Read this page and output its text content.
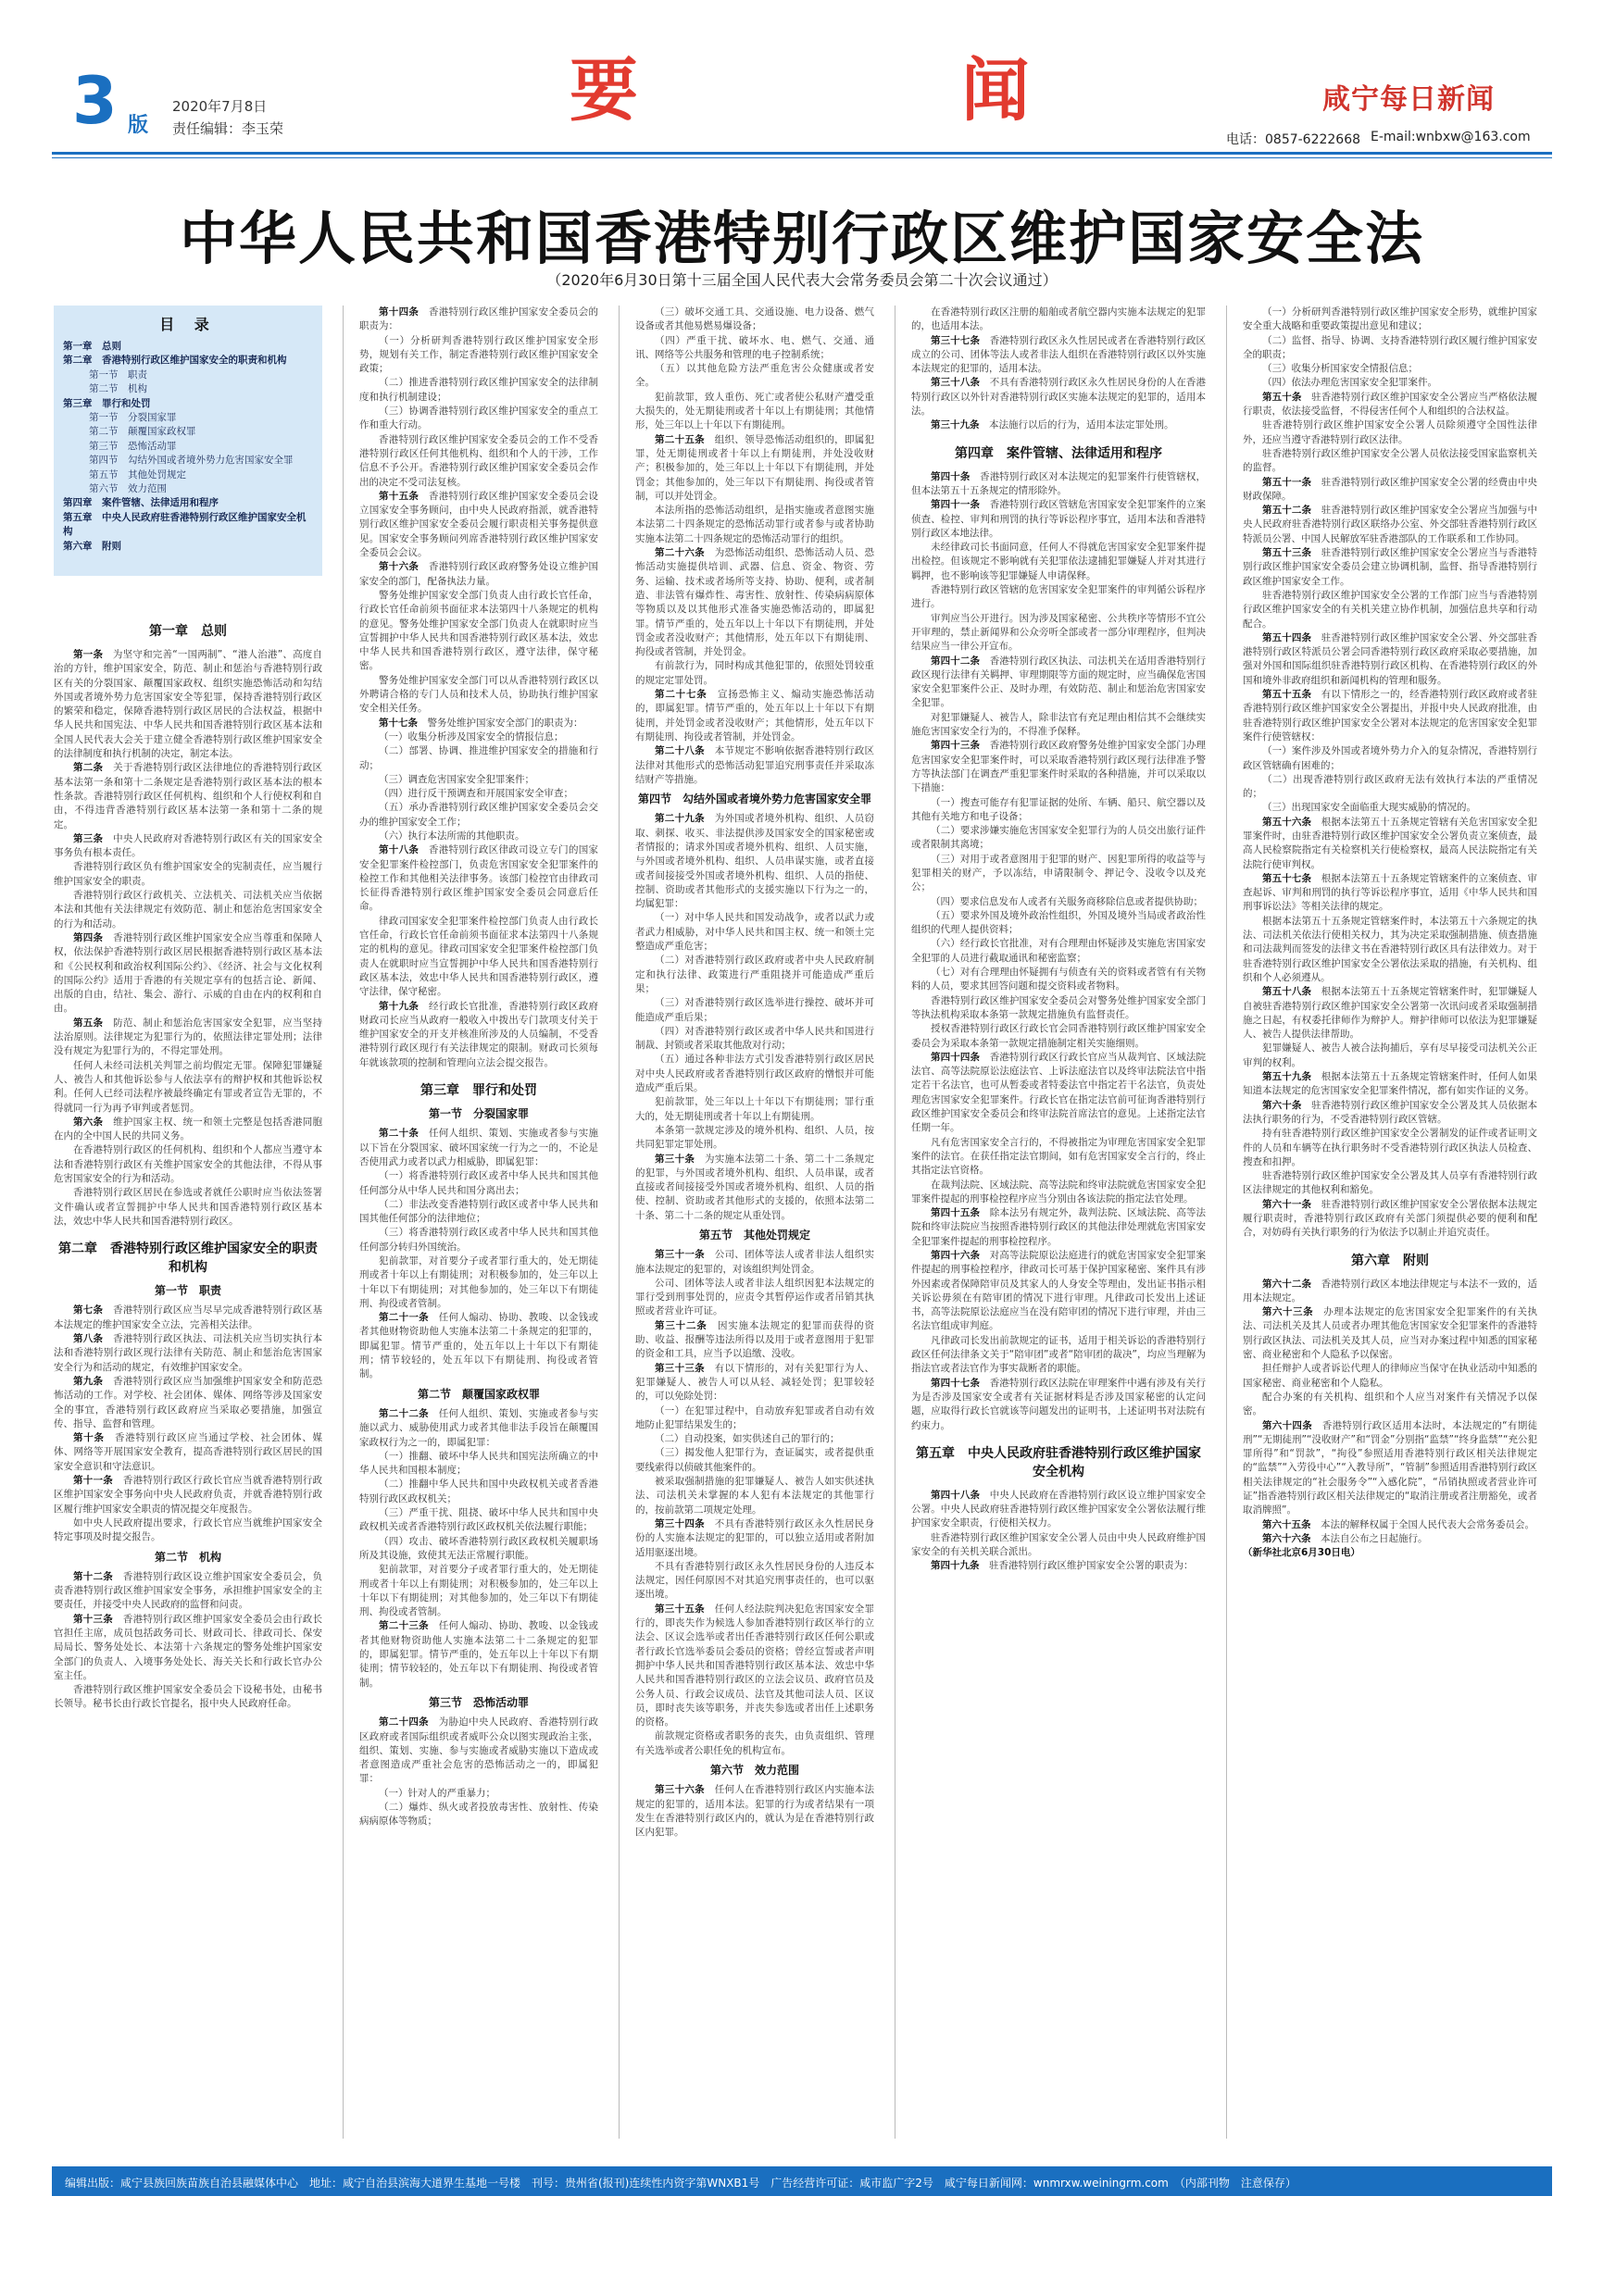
3 版
2020年7月8日
责任编辑：李玉荣	要	闻	咸宁每日新闻
电话：0857-6222668 E-mail:wnbxw@163.com
中华人民共和国香港特别行政区维护国家安全法
（2020年6月30日第十三届全国人民代表大会常务委员会第二十次会议通过）
目 录
第一章　总则
第二章　香港特别行政区维护国家安全的职责和机构
第一节　职责
第二节　机构
第三章　罪行和处罚
第一节　分裂国家罪
第二节　颠覆国家政权罪
第三节　恐怖活动罪
第四节　勾结外国或者境外势力危害国家安全罪
第五节　其他处罚规定
第六节　效力范围
第四章　案件管辖、法律适用和程序
第五章　中央人民政府驻香港特别行政区维护国家安全机构
第六章　附则
第一章　总则

第一条　 为坚守和完善“一国两制”、“港人治港”、高度自治的方针，维护国家安全，防范、制止和惩治与香港特别行政区有关的分裂国家、颠覆国家政权、组织实施恐怖活动和勾结外国或者境外势力危害国家安全等犯罪，保持香港特别行政区的繁荣和稳定，保障香港特别行政区居民的合法权益，根据中华人民共和国宪法、中华人民共和国香港特别行政区基本法和全国人民代表大会关于建立健全香港特别行政区维护国家安全的法律制度和执行机制的决定，制定本法。

第二条　 关于香港特别行政区法律地位的香港特别行政区基本法第一条和第十二条规定是香港特别行政区基本法的根本性条款。香港特别行政区任何机构、组织和个人行使权利和自由，不得违背香港特别行政区基本法第一条和第十二条的规定。

第三条　 中央人民政府对香港特别行政区有关的国家安全事务负有根本责任。

香港特别行政区负有维护国家安全的宪制责任，应当履行维护国家安全的职责。

香港特别行政区行政机关、立法机关、司法机关应当依据本法和其他有关法律规定有效防范、制止和惩治危害国家安全的行为和活动。

第四条　 香港特别行政区维护国家安全应当尊重和保障人权，依法保护香港特别行政区居民根据香港特别行政区基本法和《公民权利和政治权利国际公约》、《经济、社会与文化权利的国际公约》适用于香港的有关规定享有的包括言论、新闻、出版的自由，结社、集会、游行、示威的自由在内的权利和自由。

第五条　 防范、制止和惩治危害国家安全犯罪，应当坚持法治原则。法律规定为犯罪行为的，依照法律定罪处刑；法律没有规定为犯罪行为的，不得定罪处刑。

任何人未经司法机关判罪之前均假定无罪。保障犯罪嫌疑人、被告人和其他诉讼参与人依法享有的辩护权和其他诉讼权利。任何人已经司法程序被最终确定有罪或者宣告无罪的，不得就同一行为再予审判或者惩罚。

第六条　 维护国家主权、统一和领土完整是包括香港同胞在内的全中国人民的共同义务。

在香港特别行政区的任何机构、组织和个人都应当遵守本法和香港特别行政区有关维护国家安全的其他法律，不得从事危害国家安全的行为和活动。

香港特别行政区居民在参选或者就任公职时应当依法签署文件确认或者宣誓拥护中华人民共和国香港特别行政区基本法，效忠中华人民共和国香港特别行政区。

第二章　香港特别行政区维护国家安全的职责和机构
第一节　职责

第七条　 香港特别行政区应当尽早完成香港特别行政区基本法规定的维护国家安全立法，完善相关法律。

第八条　 香港特别行政区执法、司法机关应当切实执行本法和香港特别行政区现行法律有关防范、制止和惩治危害国家安全行为和活动的规定，有效维护国家安全。

第九条　 香港特别行政区应当加强维护国家安全和防范恐怖活动的工作。对学校、社会团体、媒体、网络等涉及国家安全的事宜，香港特别行政区政府应当采取必要措施，加强宣传、指导、监督和管理。

第十条　 香港特别行政区应当通过学校、社会团体、媒体、网络等开展国家安全教育，提高香港特别行政区居民的国家安全意识和守法意识。

第十一条　 香港特别行政区行政长官应当就香港特别行政区维护国家安全事务向中央人民政府负责，并就香港特别行政区履行维护国家安全职责的情况提交年度报告。

如中央人民政府提出要求，行政长官应当就维护国家安全特定事项及时提交报告。

第二节　机构

第十二条　 香港特别行政区设立维护国家安全委员会，负责香港特别行政区维护国家安全事务，承担维护国家安全的主要责任，并接受中央人民政府的监督和问责。

第十三条　 香港特别行政区维护国家安全委员会由行政长官担任主席，成员包括政务司长、财政司长、律政司长、保安局局长、警务处处长、本法第十六条规定的警务处维护国家安全部门的负责人、入境事务处处长、海关关长和行政长官办公室主任。

香港特别行政区维护国家安全委员会下设秘书处，由秘书长领导。秘书长由行政长官提名，报中央人民政府任命。

第十四条　 香港特别行政区维护国家安全委员会的职责为：

（一）分析研判香港特别行政区维护国家安全形势，规划有关工作，制定香港特别行政区维护国家安全政策；

（二）推进香港特别行政区维护国家安全的法律制度和执行机制建设；

（三）协调香港特别行政区维护国家安全的重点工作和重大行动。

香港特别行政区维护国家安全委员会的工作不受香港特别行政区任何其他机构、组织和个人的干涉，工作信息不予公开。香港特别行政区维护国家安全委员会作出的决定不受司法复核。

第十五条　 香港特别行政区维护国家安全委员会设立国家安全事务顾问，由中央人民政府指派，就香港特别行政区维护国家安全委员会履行职责相关事务提供意见。国家安全事务顾问列席香港特别行政区维护国家安全委员会会议。

第十六条　 香港特别行政区政府警务处设立维护国家安全的部门，配备执法力量。

警务处维护国家安全部门负责人由行政长官任命，行政长官任命前须书面征求本法第四十八条规定的机构的意见。警务处维护国家安全部门负责人在就职时应当宣誓拥护中华人民共和国香港特别行政区基本法，效忠中华人民共和国香港特别行政区，遵守法律，保守秘密。

警务处维护国家安全部门可以从香港特别行政区以外聘请合格的专门人员和技术人员，协助执行维护国家安全相关任务。

第十七条　 警务处维护国家安全部门的职责为：

（一）收集分析涉及国家安全的情报信息；

（二）部署、协调、推进维护国家安全的措施和行动；

（三）调查危害国家安全犯罪案件；

（四）进行反干预调查和开展国家安全审查；

（五）承办香港特别行政区维护国家安全委员会交办的维护国家安全工作；

（六）执行本法所需的其他职责。

第十八条　 香港特别行政区律政司设立专门的国家安全犯罪案件检控部门，负责危害国家安全犯罪案件的检控工作和其他相关法律事务。该部门检控官由律政司长征得香港特别行政区维护国家安全委员会同意后任命。

律政司国家安全犯罪案件检控部门负责人由行政长官任命，行政长官任命前须书面征求本法第四十八条规定的机构的意见。律政司国家安全犯罪案件检控部门负责人在就职时应当宣誓拥护中华人民共和国香港特别行政区基本法，效忠中华人民共和国香港特别行政区，遵守法律，保守秘密。

第十九条　 经行政长官批准，香港特别行政区政府财政司长应当从政府一般收入中拨出专门款项支付关于维护国家安全的开支并核准所涉及的人员编制，不受香港特别行政区现行有关法律规定的限制。财政司长须每年就该款项的控制和管理向立法会提交报告。

第三章　罪行和处罚
第一节　分裂国家罪

第二十条　 任何人组织、策划、实施或者参与实施以下旨在分裂国家、破坏国家统一行为之一的，不论是否使用武力或者以武力相威胁，即属犯罪：

（一）将香港特别行政区或者中华人民共和国其他任何部分从中华人民共和国分离出去；

（二）非法改变香港特别行政区或者中华人民共和国其他任何部分的法律地位；

（三）将香港特别行政区或者中华人民共和国其他任何部分转归外国统治。

犯前款罪，对首要分子或者罪行重大的，处无期徒刑或者十年以上有期徒刑；对积极参加的，处三年以上十年以下有期徒刑；对其他参加的，处三年以下有期徒刑、拘役或者管制。

第二十一条　 任何人煽动、协助、教唆、以金钱或者其他财物资助他人实施本法第二十条规定的犯罪的，即属犯罪。情节严重的，处五年以上十年以下有期徒刑；情节较轻的，处五年以下有期徒刑、拘役或者管制。

第二节　颠覆国家政权罪

第二十二条　 任何人组织、策划、实施或者参与实施以武力、威胁使用武力或者其他非法手段旨在颠覆国家政权行为之一的，即属犯罪：

（一）推翻、破坏中华人民共和国宪法所确立的中华人民共和国根本制度；

（二）推翻中华人民共和国中央政权机关或者香港特别行政区政权机关；

（三）严重干扰、阻挠、破坏中华人民共和国中央政权机关或者香港特别行政区政权机关依法履行职能；

（四）攻击、破坏香港特别行政区政权机关履职场所及其设施，致使其无法正常履行职能。

犯前款罪，对首要分子或者罪行重大的，处无期徒刑或者十年以上有期徒刑；对积极参加的，处三年以上十年以下有期徒刑；对其他参加的，处三年以下有期徒刑、拘役或者管制。

第二十三条　 任何人煽动、协助、教唆、以金钱或者其他财物资助他人实施本法第二十二条规定的犯罪的，即属犯罪。情节严重的，处五年以上十年以下有期徒刑；情节较轻的，处五年以下有期徒刑、拘役或者管制。

第三节　恐怖活动罪

第二十四条　 为胁迫中央人民政府、香港特别行政区政府或者国际组织或者威吓公众以图实现政治主张，组织、策划、实施、参与实施或者威胁实施以下造成或者意图造成严重社会危害的恐怖活动之一的，即属犯罪：

（一）针对人的严重暴力；

（二）爆炸、纵火或者投放毒害性、放射性、传染病病原体等物质；

（三）破坏交通工具、交通设施、电力设备、燃气设备或者其他易燃易爆设备；

（四）严重干扰、破坏水、电、燃气、交通、通讯、网络等公共服务和管理的电子控制系统；

（五）以其他危险方法严重危害公众健康或者安全。

犯前款罪，致人重伤、死亡或者使公私财产遭受重大损失的，处无期徒刑或者十年以上有期徒刑；其他情形，处三年以上十年以下有期徒刑。

第二十五条　 组织、领导恐怖活动组织的，即属犯罪，处无期徒刑或者十年以上有期徒刑，并处没收财产；积极参加的，处三年以上十年以下有期徒刑，并处罚金；其他参加的，处三年以下有期徒刑、拘役或者管制，可以并处罚金。

本法所指的恐怖活动组织，是指实施或者意图实施本法第二十四条规定的恐怖活动罪行或者参与或者协助实施本法第二十四条规定的恐怖活动罪行的组织。

第二十六条　 为恐怖活动组织、恐怖活动人员、恐怖活动实施提供培训、武器、信息、资金、物资、劳务、运输、技术或者场所等支持、协助、便利，或者制造、非法管有爆炸性、毒害性、放射性、传染病病原体等物质以及以其他形式准备实施恐怖活动的，即属犯罪。情节严重的，处五年以上十年以下有期徒刑，并处罚金或者没收财产；其他情形，处五年以下有期徒刑、拘役或者管制，并处罚金。

有前款行为，同时构成其他犯罪的，依照处罚较重的规定定罪处罚。

第二十七条　 宣扬恐怖主义、煽动实施恐怖活动的，即属犯罪。情节严重的，处五年以上十年以下有期徒刑，并处罚金或者没收财产；其他情形，处五年以下有期徒刑、拘役或者管制，并处罚金。

第二十八条　 本节规定不影响依据香港特别行政区法律对其他形式的恐怖活动犯罪追究刑事责任并采取冻结财产等措施。

第四节　勾结外国或者境外势力危害国家安全罪

第二十九条　 为外国或者境外机构、组织、人员窃取、刺探、收买、非法提供涉及国家安全的国家秘密或者情报的；请求外国或者境外机构、组织、人员实施，与外国或者境外机构、组织、人员串谋实施，或者直接或者间接接受外国或者境外机构、组织、人员的指使、控制、资助或者其他形式的支援实施以下行为之一的，均属犯罪：

（一）对中华人民共和国发动战争，或者以武力或者武力相威胁，对中华人民共和国主权、统一和领土完整造成严重危害；

（二）对香港特别行政区政府或者中央人民政府制定和执行法律、政策进行严重阻挠并可能造成严重后果；

（三）对香港特别行政区选举进行操控、破坏并可能造成严重后果；

（四）对香港特别行政区或者中华人民共和国进行制裁、封锁或者采取其他敌对行动；

（五）通过各种非法方式引发香港特别行政区居民对中央人民政府或者香港特别行政区政府的憎恨并可能造成严重后果。

犯前款罪，处三年以上十年以下有期徒刑；罪行重大的，处无期徒刑或者十年以上有期徒刑。

本条第一款规定涉及的境外机构、组织、人员，按共同犯罪定罪处刑。

第三十条　 为实施本法第二十条、第二十二条规定的犯罪，与外国或者境外机构、组织、人员串谋，或者直接或者间接接受外国或者境外机构、组织、人员的指使、控制、资助或者其他形式的支援的，依照本法第二十条、第二十二条的规定从重处罚。

第五节　其他处罚规定

第三十一条　 公司、团体等法人或者非法人组织实施本法规定的犯罪的，对该组织判处罚金。

公司、团体等法人或者非法人组织因犯本法规定的罪行受到刑事处罚的，应责令其暂停运作或者吊销其执照或者营业许可证。

第三十二条　 因实施本法规定的犯罪而获得的资助、收益、报酬等违法所得以及用于或者意图用于犯罪的资金和工具，应当予以追缴、没收。

第三十三条　 有以下情形的，对有关犯罪行为人、犯罪嫌疑人、被告人可以从轻、减轻处罚；犯罪较轻的，可以免除处罚：

（一）在犯罪过程中，自动放弃犯罪或者自动有效地防止犯罪结果发生的；

（二）自动投案，如实供述自己的罪行的；

（三）揭发他人犯罪行为，查证属实，或者提供重要线索得以侦破其他案件的。

被采取强制措施的犯罪嫌疑人、被告人如实供述执法、司法机关未掌握的本人犯有本法规定的其他罪行的，按前款第二项规定处理。

第三十四条　 不具有香港特别行政区永久性居民身份的人实施本法规定的犯罪的，可以独立适用或者附加适用驱逐出境。

不具有香港特别行政区永久性居民身份的人违反本法规定，因任何原因不对其追究刑事责任的，也可以驱逐出境。

第三十五条　 任何人经法院判决犯危害国家安全罪行的，即丧失作为候选人参加香港特别行政区举行的立法会、区议会选举或者出任香港特别行政区任何公职或者行政长官选举委员会委员的资格；曾经宣誓或者声明拥护中华人民共和国香港特别行政区基本法、效忠中华人民共和国香港特别行政区的立法会议员、政府官员及公务人员、行政会议成员、法官及其他司法人员、区议员，即时丧失该等职务，并丧失参选或者出任上述职务的资格。

前款规定资格或者职务的丧失，由负责组织、管理有关选举或者公职任免的机构宣布。

第六节　效力范围

第三十六条　 任何人在香港特别行政区内实施本法规定的犯罪的，适用本法。犯罪的行为或者结果有一项发生在香港特别行政区内的，就认为是在香港特别行政区内犯罪。

在香港特别行政区注册的船舶或者航空器内实施本法规定的犯罪的，也适用本法。

第三十七条　 香港特别行政区永久性居民或者在香港特别行政区成立的公司、团体等法人或者非法人组织在香港特别行政区以外实施本法规定的犯罪的，适用本法。

第三十八条　 不具有香港特别行政区永久性居民身份的人在香港特别行政区以外针对香港特别行政区实施本法规定的犯罪的，适用本法。

第三十九条　 本法施行以后的行为，适用本法定罪处刑。

第四章　案件管辖、法律适用和程序

第四十条　 香港特别行政区对本法规定的犯罪案件行使管辖权，但本法第五十五条规定的情形除外。

第四十一条　 香港特别行政区管辖危害国家安全犯罪案件的立案侦查、检控、审判和刑罚的执行等诉讼程序事宜，适用本法和香港特别行政区本地法律。

未经律政司长书面同意，任何人不得就危害国家安全犯罪案件提出检控。但该规定不影响就有关犯罪依法逮捕犯罪嫌疑人并对其进行羁押，也不影响该等犯罪嫌疑人申请保释。

香港特别行政区管辖的危害国家安全犯罪案件的审判循公诉程序进行。

审判应当公开进行。因为涉及国家秘密、公共秩序等情形不宜公开审理的，禁止新闻界和公众旁听全部或者一部分审理程序，但判决结果应当一律公开宣布。

第四十二条　 香港特别行政区执法、司法机关在适用香港特别行政区现行法律有关羁押、审理期限等方面的规定时，应当确保危害国家安全犯罪案件公正、及时办理，有效防范、制止和惩治危害国家安全犯罪。

对犯罪嫌疑人、被告人，除非法官有充足理由相信其不会继续实施危害国家安全行为的，不得准予保释。

第四十三条　 香港特别行政区政府警务处维护国家安全部门办理危害国家安全犯罪案件时，可以采取香港特别行政区现行法律准予警方等执法部门在调查严重犯罪案件时采取的各种措施，并可以采取以下措施：

（一）搜查可能存有犯罪证据的处所、车辆、船只、航空器以及其他有关地方和电子设备；

（二）要求涉嫌实施危害国家安全犯罪行为的人员交出旅行证件或者限制其离境；

（三）对用于或者意图用于犯罪的财产、因犯罪所得的收益等与犯罪相关的财产，予以冻结，申请限制令、押记令、没收令以及充公；

（四）要求信息发布人或者有关服务商移除信息或者提供协助；

（五）要求外国及境外政治性组织，外国及境外当局或者政治性组织的代理人提供资料；

（六）经行政长官批准，对有合理理由怀疑涉及实施危害国家安全犯罪的人员进行截取通讯和秘密监察；

（七）对有合理理由怀疑拥有与侦查有关的资料或者管有有关物料的人员，要求其回答问题和提交资料或者物料。

香港特别行政区维护国家安全委员会对警务处维护国家安全部门等执法机构采取本条第一款规定措施负有监督责任。

授权香港特别行政区行政长官会同香港特别行政区维护国家安全委员会为采取本条第一款规定措施制定相关实施细则。

第四十四条　 香港特别行政区行政长官应当从裁判官、区域法院法官、高等法院原讼法庭法官、上诉法庭法官以及终审法院法官中指定若干名法官，也可从暂委或者特委法官中指定若干名法官，负责处理危害国家安全犯罪案件。行政长官在指定法官前可征询香港特别行政区维护国家安全委员会和终审法院首席法官的意见。上述指定法官任期一年。

凡有危害国家安全言行的，不得被指定为审理危害国家安全犯罪案件的法官。在获任指定法官期间，如有危害国家安全言行的，终止其指定法官资格。

在裁判法院、区域法院、高等法院和终审法院就危害国家安全犯罪案件提起的刑事检控程序应当分别由各该法院的指定法官处理。

第四十五条　 除本法另有规定外，裁判法院、区域法院、高等法院和终审法院应当按照香港特别行政区的其他法律处理就危害国家安全犯罪案件提起的刑事检控程序。

第四十六条　 对高等法院原讼法庭进行的就危害国家安全犯罪案件提起的刑事检控程序，律政司长可基于保护国家秘密、案件具有涉外因素或者保障陪审员及其家人的人身安全等理由，发出证书指示相关诉讼毋须在有陪审团的情况下进行审理。凡律政司长发出上述证书，高等法院原讼法庭应当在没有陪审团的情况下进行审理，并由三名法官组成审判庭。

凡律政司长发出前款规定的证书，适用于相关诉讼的香港特别行政区任何法律条文关于“陪审团”或者“陪审团的裁决”，均应当理解为指法官或者法官作为事实裁断者的职能。

第四十七条　 香港特别行政区法院在审理案件中遇有涉及有关行为是否涉及国家安全或者有关证据材料是否涉及国家秘密的认定问题，应取得行政长官就该等问题发出的证明书，上述证明书对法院有约束力。

第五章　中央人民政府驻香港特别行政区维护国家安全机构

第四十八条　 中央人民政府在香港特别行政区设立维护国家安全公署。中央人民政府驻香港特别行政区维护国家安全公署依法履行维护国家安全职责，行使相关权力。

驻香港特别行政区维护国家安全公署人员由中央人民政府维护国家安全的有关机关联合派出。

第四十九条　 驻香港特别行政区维护国家安全公署的职责为：

（一）分析研判香港特别行政区维护国家安全形势，就维护国家安全重大战略和重要政策提出意见和建议；

（二）监督、指导、协调、支持香港特别行政区履行维护国家安全的职责；

（三）收集分析国家安全情报信息；

（四）依法办理危害国家安全犯罪案件。

第五十条　 驻香港特别行政区维护国家安全公署应当严格依法履行职责，依法接受监督，不得侵害任何个人和组织的合法权益。

驻香港特别行政区维护国家安全公署人员除须遵守全国性法律外，还应当遵守香港特别行政区法律。

驻香港特别行政区维护国家安全公署人员依法接受国家监察机关的监督。

第五十一条　 驻香港特别行政区维护国家安全公署的经费由中央财政保障。

第五十二条　 驻香港特别行政区维护国家安全公署应当加强与中央人民政府驻香港特别行政区联络办公室、外交部驻香港特别行政区特派员公署、中国人民解放军驻香港部队的工作联系和工作协同。

第五十三条　 驻香港特别行政区维护国家安全公署应当与香港特别行政区维护国家安全委员会建立协调机制，监督、指导香港特别行政区维护国家安全工作。

驻香港特别行政区维护国家安全公署的工作部门应当与香港特别行政区维护国家安全的有关机关建立协作机制，加强信息共享和行动配合。

第五十四条　 驻香港特别行政区维护国家安全公署、外交部驻香港特别行政区特派员公署会同香港特别行政区政府采取必要措施，加强对外国和国际组织驻香港特别行政区机构、在香港特别行政区的外国和境外非政府组织和新闻机构的管理和服务。

第五十五条　 有以下情形之一的，经香港特别行政区政府或者驻香港特别行政区维护国家安全公署提出，并报中央人民政府批准，由驻香港特别行政区维护国家安全公署对本法规定的危害国家安全犯罪案件行使管辖权：

（一）案件涉及外国或者境外势力介入的复杂情况，香港特别行政区管辖确有困难的；

（二）出现香港特别行政区政府无法有效执行本法的严重情况的；

（三）出现国家安全面临重大现实威胁的情况的。

第五十六条　 根据本法第五十五条规定管辖有关危害国家安全犯罪案件时，由驻香港特别行政区维护国家安全公署负责立案侦查，最高人民检察院指定有关检察机关行使检察权，最高人民法院指定有关法院行使审判权。

第五十七条　 根据本法第五十五条规定管辖案件的立案侦查、审查起诉、审判和刑罚的执行等诉讼程序事宜，适用《中华人民共和国刑事诉讼法》等相关法律的规定。

根据本法第五十五条规定管辖案件时，本法第五十六条规定的执法、司法机关依法行使相关权力，其为决定采取强制措施、侦查措施和司法裁判而签发的法律文书在香港特别行政区具有法律效力。对于驻香港特别行政区维护国家安全公署依法采取的措施，有关机构、组织和个人必须遵从。

第五十八条　 根据本法第五十五条规定管辖案件时，犯罪嫌疑人自被驻香港特别行政区维护国家安全公署第一次讯问或者采取强制措施之日起，有权委托律师作为辩护人。辩护律师可以依法为犯罪嫌疑人、被告人提供法律帮助。

犯罪嫌疑人、被告人被合法拘捕后，享有尽早接受司法机关公正审判的权利。

第五十九条　 根据本法第五十五条规定管辖案件时，任何人如果知道本法规定的危害国家安全犯罪案件情况，都有如实作证的义务。

第六十条　 驻香港特别行政区维护国家安全公署及其人员依据本法执行职务的行为，不受香港特别行政区管辖。

持有驻香港特别行政区维护国家安全公署制发的证件或者证明文件的人员和车辆等在执行职务时不受香港特别行政区执法人员检查、搜查和扣押。

驻香港特别行政区维护国家安全公署及其人员享有香港特别行政区法律规定的其他权利和豁免。

第六十一条　 驻香港特别行政区维护国家安全公署依据本法规定履行职责时，香港特别行政区政府有关部门须提供必要的便利和配合，对妨碍有关执行职务的行为依法予以制止并追究责任。

第六章　附则

第六十二条　 香港特别行政区本地法律规定与本法不一致的，适用本法规定。

第六十三条　 办理本法规定的危害国家安全犯罪案件的有关执法、司法机关及其人员或者办理其他危害国家安全犯罪案件的香港特别行政区执法、司法机关及其人员，应当对办案过程中知悉的国家秘密、商业秘密和个人隐私予以保密。

担任辩护人或者诉讼代理人的律师应当保守在执业活动中知悉的国家秘密、商业秘密和个人隐私。

配合办案的有关机构、组织和个人应当对案件有关情况予以保密。

第六十四条　 香港特别行政区适用本法时，本法规定的“有期徒刑”“无期徒刑”“没收财产”和“罚金”分别指“监禁”“终身监禁”“充公犯罪所得”和“罚款”，“拘役”参照适用香港特别行政区相关法律规定的“监禁”“入劳役中心”“入教导所”，“管制”参照适用香港特别行政区相关法律规定的“社会服务令”“入感化院”，“吊销执照或者营业许可证”指香港特别行政区相关法律规定的“取消注册或者注册豁免，或者取消牌照”。

第六十五条　 本法的解释权属于全国人民代表大会常务委员会。

第六十六条　 本法自公布之日起施行。

（新华社北京6月30日电）
编辑出版：咸宁县族回族苗族自治县融媒体中心　地址：咸宁自治县滨海大道界生基地一号楼　刊号：贵州省(报刊)连续性内资字第WNXB1号　广告经营许可证：咸市监广字2号　咸宁每日新闻网：wnmrxw.weiningrm.com　（内部刊物　注意保存）
